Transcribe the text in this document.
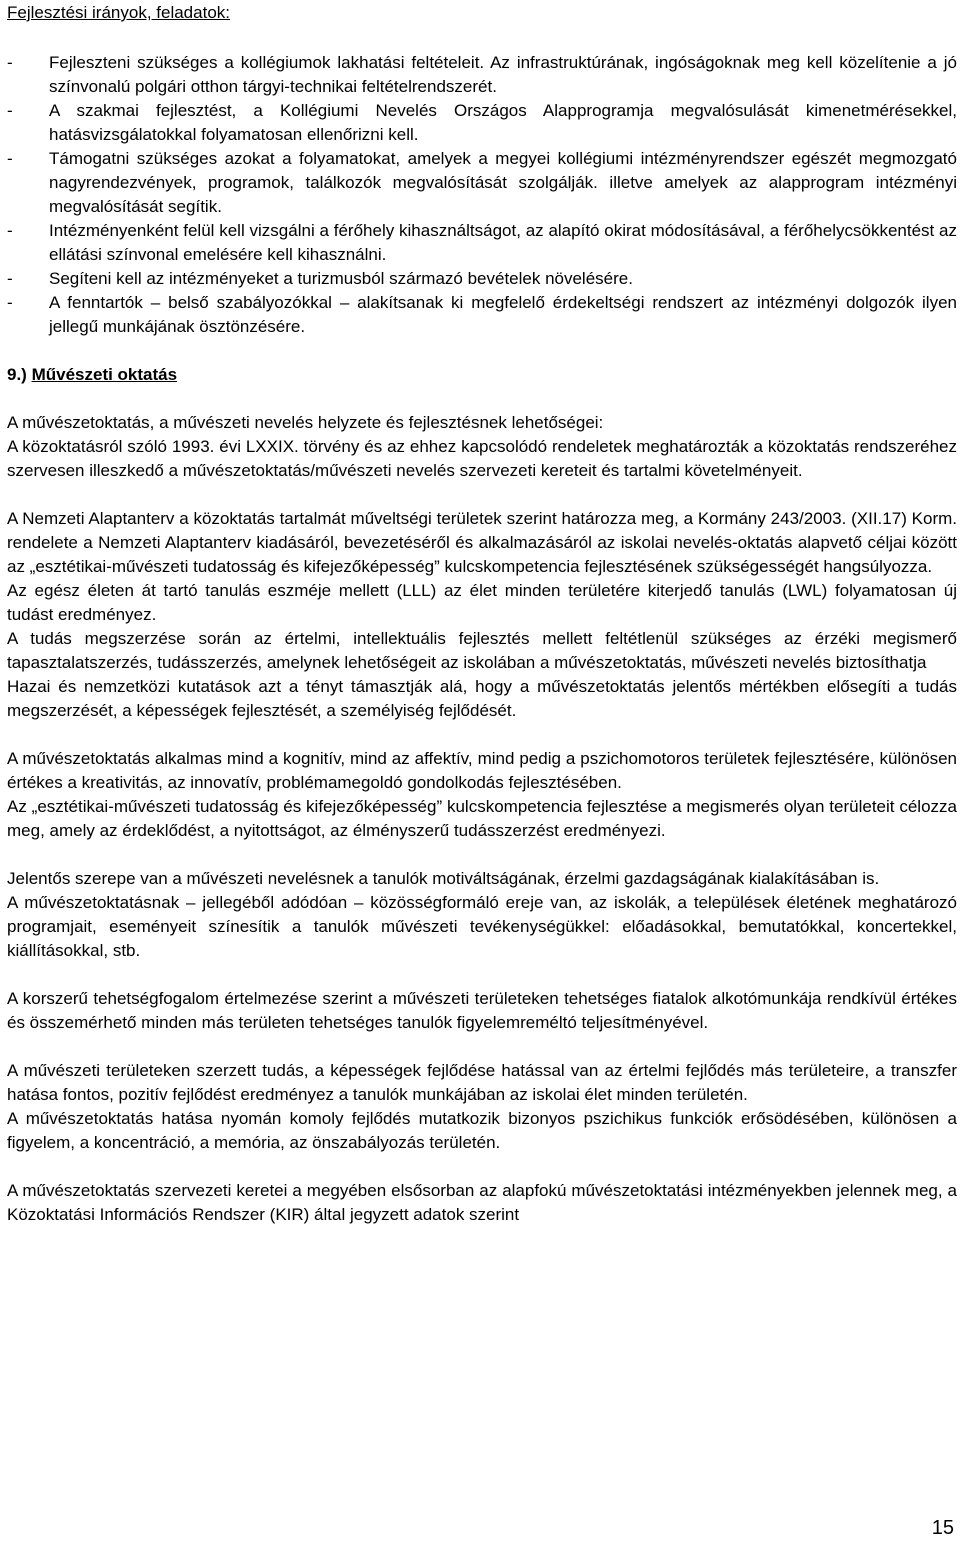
Fejlesztési irányok, feladatok:
-	Fejleszteni szükséges a kollégiumok lakhatási feltételeit. Az infrastruktúrának, ingóságoknak meg kell közelítenie a jó színvonalú polgári otthon tárgyi-technikai feltételrendszerét.
-	A szakmai fejlesztést, a Kollégiumi Nevelés Országos Alapprogramja megvalósulását kimenetmérésekkel, hatásvizsgálatokkal folyamatosan ellenőrizni kell.
-	Támogatni szükséges azokat a folyamatokat, amelyek a megyei kollégiumi intézményrendszer egészét megmozgató nagyrendezvények, programok, találkozók megvalósítását szolgálják. illetve amelyek az alapprogram intézményi megvalósítását segítik.
-	Intézményenként felül kell vizsgálni a férőhely kihasználtságot, az alapító okirat módosításával, a férőhelycsökkentést az ellátási színvonal emelésére kell kihasználni.
-	Segíteni kell az intézményeket a turizmusból származó bevételek növelésére.
-	A fenntartók – belső szabályozókkal – alakítsanak ki megfelelő érdekeltségi rendszert az intézményi dolgozók ilyen jellegű munkájának ösztönzésére.
9.) Művészeti oktatás

A művészetoktatás, a művészeti nevelés helyzete és fejlesztésnek lehetőségei:

A közoktatásról szóló 1993. évi LXXIX. törvény és az ehhez kapcsolódó rendeletek meghatározták a közoktatás rendszeréhez szervesen illeszkedő a művészetoktatás/művészeti nevelés szervezeti kereteit és tartalmi követelményeit.

A Nemzeti Alaptanterv a közoktatás tartalmát műveltségi területek szerint határozza meg, a Kormány 243/2003. (XII.17) Korm. rendelete a Nemzeti Alaptanterv kiadásáról, bevezetéséről és alkalmazásáról az iskolai nevelés-oktatás alapvető céljai között az „esztétikai-művészeti tudatosság és kifejezőképesség” kulcskompetencia fejlesztésének szükségességét hangsúlyozza.

Az egész életen át tartó tanulás eszméje mellett (LLL) az élet minden területére kiterjedő tanulás (LWL) folyamatosan új tudást eredményez.

A tudás megszerzése során az értelmi, intellektuális fejlesztés mellett feltétlenül szükséges az érzéki megismerő tapasztalatszerzés, tudásszerzés, amelynek lehetőségeit az iskolában a művészetoktatás, művészeti nevelés biztosíthatja

Hazai és nemzetközi kutatások azt a tényt támasztják alá, hogy a művészetoktatás jelentős mértékben elősegíti a tudás megszerzését, a képességek fejlesztését, a személyiség fejlődését.

A művészetoktatás alkalmas mind a kognitív, mind az affektív, mind pedig a pszichomotoros területek fejlesztésére, különösen értékes a kreativitás, az innovatív, problémamegoldó gondolkodás fejlesztésében.

Az „esztétikai-művészeti tudatosság és kifejezőképesség” kulcskompetencia fejlesztése a megismerés olyan területeit célozza meg, amely az érdeklődést, a nyitottságot, az élményszerű tudásszerzést eredményezi.

Jelentős szerepe van a művészeti nevelésnek a tanulók motiváltságának, érzelmi gazdagságának kialakításában is.

A művészetoktatásnak – jellegéből adódóan – közösségformáló ereje van, az iskolák, a települések életének meghatározó programjait, eseményeit színesítik a tanulók művészeti tevékenységükkel: előadásokkal, bemutatókkal, koncertekkel, kiállításokkal, stb.

A korszerű tehetségfogalom értelmezése szerint a művészeti területeken tehetséges fiatalok alkotómunkája rendkívül értékes és összemérhető minden más területen tehetséges tanulók figyelemreméltó teljesítményével.

A művészeti területeken szerzett tudás, a képességek fejlődése hatással van az értelmi fejlődés más területeire, a transzfer hatása fontos, pozitív fejlődést eredményez a tanulók munkájában az iskolai élet minden területén.

A művészetoktatás hatása nyomán komoly fejlődés mutatkozik bizonyos pszichikus funkciók erősödésében, különösen a figyelem, a koncentráció, a memória, az önszabályozás területén.

A művészetoktatás szervezeti keretei a megyében elsősorban az alapfokú művészetoktatási intézményekben jelennek meg, a Közoktatási Információs Rendszer (KIR) által jegyzett adatok szerint

15
